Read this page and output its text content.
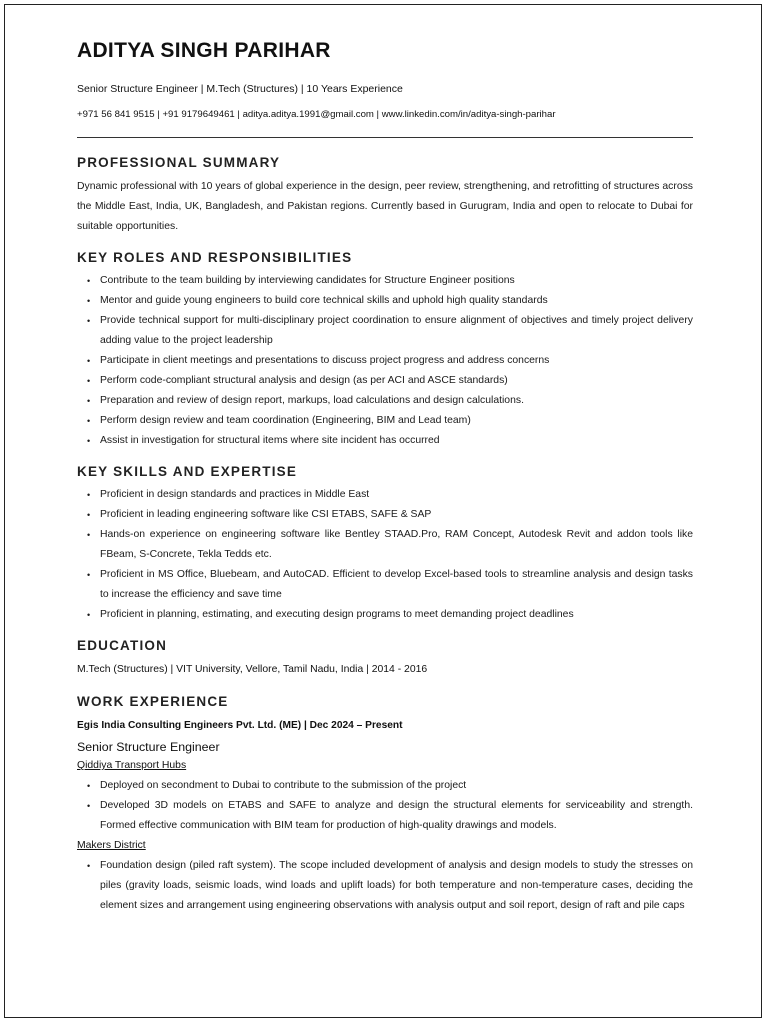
ADITYA SINGH PARIHAR
Senior Structure Engineer | M.Tech (Structures) | 10 Years Experience
+971 56 841 9515 | +91 9179649461 | aditya.aditya.1991@gmail.com | www.linkedin.com/in/aditya-singh-parihar
PROFESSIONAL SUMMARY

Dynamic professional with 10 years of global experience in the design, peer review, strengthening, and retrofitting of structures across the Middle East, India, UK, Bangladesh, and Pakistan regions. Currently based in Gurugram, India and open to relocate to Dubai for suitable opportunities.

KEY ROLES AND RESPONSIBILITIES
• Contribute to the team building by interviewing candidates for Structure Engineer positions
• Mentor and guide young engineers to build core technical skills and uphold high quality standards
• Provide technical support for multi-disciplinary project coordination to ensure alignment of objectives and timely project delivery adding value to the project leadership
• Participate in client meetings and presentations to discuss project progress and address concerns
• Perform code-compliant structural analysis and design (as per ACI and ASCE standards)
• Preparation and review of design report, markups, load calculations and design calculations.
• Perform design review and team coordination (Engineering, BIM and Lead team)
• Assist in investigation for structural items where site incident has occurred
KEY SKILLS AND EXPERTISE
• Proficient in design standards and practices in Middle East
• Proficient in leading engineering software like CSI ETABS, SAFE & SAP
• Hands-on experience on engineering software like Bentley STAAD.Pro, RAM Concept, Autodesk Revit and addon tools like FBeam, S-Concrete, Tekla Tedds etc.
• Proficient in MS Office, Bluebeam, and AutoCAD. Efficient to develop Excel-based tools to streamline analysis and design tasks to increase the efficiency and save time
• Proficient in planning, estimating, and executing design programs to meet demanding project deadlines
EDUCATION
M.Tech (Structures) | VIT University, Vellore, Tamil Nadu, India | 2014 - 2016
WORK EXPERIENCE
Egis India Consulting Engineers Pvt. Ltd. (ME) | Dec 2024 – Present
Senior Structure Engineer
Qiddiya Transport Hubs
• Deployed on secondment to Dubai to contribute to the submission of the project
• Developed 3D models on ETABS and SAFE to analyze and design the structural elements for serviceability and strength. Formed effective communication with BIM team for production of high-quality drawings and models.
Makers District
• Foundation design (piled raft system). The scope included development of analysis and design models to study the stresses on piles (gravity loads, seismic loads, wind loads and uplift loads) for both temperature and non-temperature cases, deciding the element sizes and arrangement using engineering observations with analysis output and soil report, design of raft and pile caps
